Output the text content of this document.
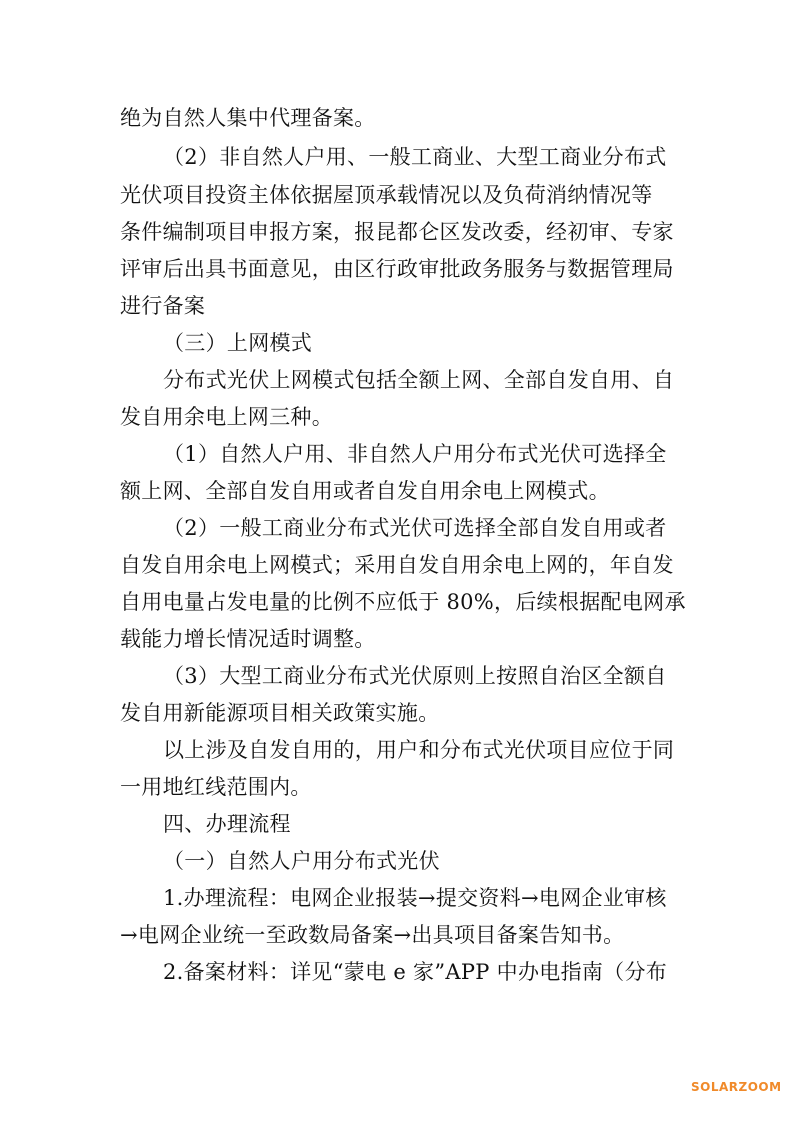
绝为自然人集中代理备案。
（2）非自然人户用、一般工商业、大型工商业分布式
光伏项目投资主体依据屋顶承载情况以及负荷消纳情况等
条件编制项目申报方案，报昆都仑区发改委，经初审、专家
评审后出具书面意见，由区行政审批政务服务与数据管理局
进行备案
（三）上网模式
分布式光伏上网模式包括全额上网、全部自发自用、自
发自用余电上网三种。
（1）自然人户用、非自然人户用分布式光伏可选择全
额上网、全部自发自用或者自发自用余电上网模式。
（2）一般工商业分布式光伏可选择全部自发自用或者
自发自用余电上网模式；采用自发自用余电上网的，年自发
自用电量占发电量的比例不应低于 80%，后续根据配电网承
载能力增长情况适时调整。
（3）大型工商业分布式光伏原则上按照自治区全额自
发自用新能源项目相关政策实施。
以上涉及自发自用的，用户和分布式光伏项目应位于同
一用地红线范围内。
四、办理流程
（一）自然人户用分布式光伏
1.办理流程：电网企业报装→提交资料→电网企业审核
→电网企业统一至政数局备案→出具项目备案告知书。
2.备案材料：详见“蒙电 e 家”APP 中办电指南（分布
SOLARZOOM
